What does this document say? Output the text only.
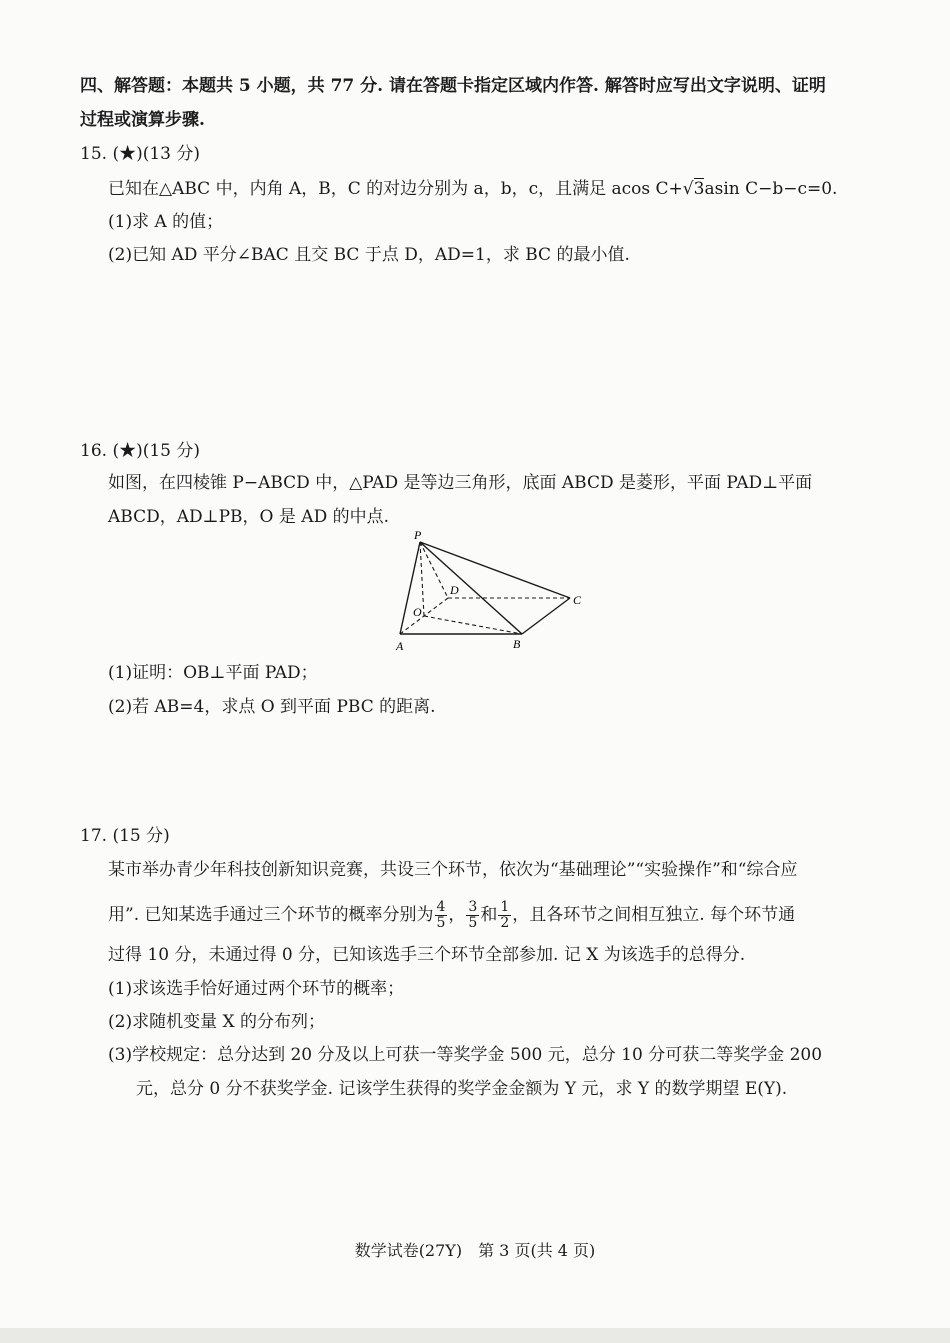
四、解答题：本题共 5 小题，共 77 分. 请在答题卡指定区域内作答. 解答时应写出文字说明、证明
过程或演算步骤.
15. (★)(13 分)
已知在△ABC 中，内角 A，B，C 的对边分别为 a，b，c，且满足 acos C+√3asin C−b−c=0.
(1)求 A 的值；
(2)已知 AD 平分∠BAC 且交 BC 于点 D，AD=1，求 BC 的最小值.
16. (★)(15 分)
如图，在四棱锥 P−ABCD 中，△PAD 是等边三角形，底面 ABCD 是菱形，平面 PAD⊥平面
ABCD，AD⊥PB，O 是 AD 的中点.
P
A	B
C
D
O
(1)证明：OB⊥平面 PAD；
(2)若 AB=4，求点 O 到平面 PBC 的距离.
17. (15 分)
某市举办青少年科技创新知识竞赛，共设三个环节，依次为“基础理论”“实验操作”和“综合应
用”. 已知某选手通过三个环节的概率分别为 $\frac{4}{5}$ ， $\frac{3}{5}$ 和 $\frac{1}{2}$ ，且各环节之间相互独立. 每个环节通
过得 10 分，未通过得 0 分，已知该选手三个环节全部参加. 记 X 为该选手的总得分.
(1)求该选手恰好通过两个环节的概率；
(2)求随机变量 X 的分布列；
(3)学校规定：总分达到 20 分及以上可获一等奖学金 500 元，总分 10 分可获二等奖学金 200
元，总分 0 分不获奖学金. 记该学生获得的奖学金金额为 Y 元，求 Y 的数学期望 E(Y).
数学试卷(27Y)　第 3 页(共 4 页)
